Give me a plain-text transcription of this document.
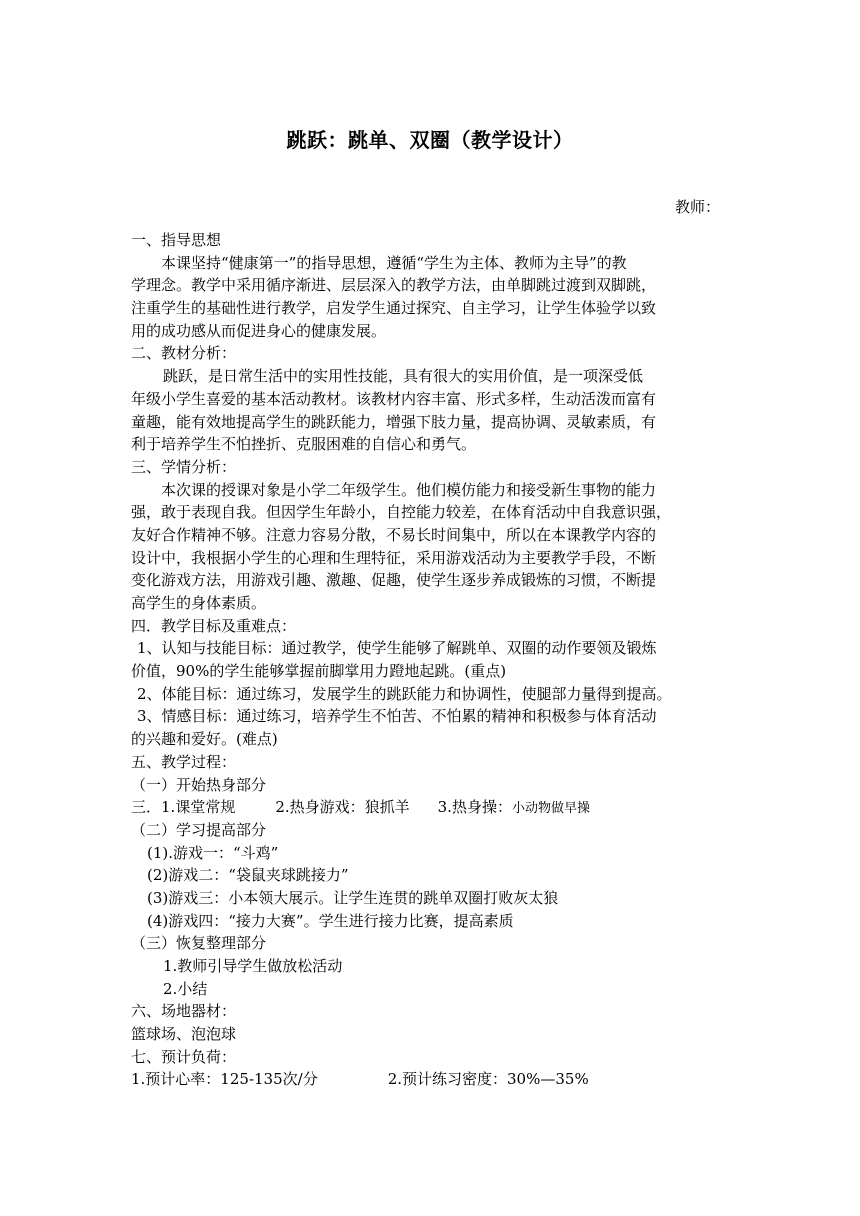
跳跃：跳单、双圈（教学设计）
教师：
一、指导思想
本课坚持“健康第一”的指导思想，遵循“学生为主体、教师为主导”的教
学理念。教学中采用循序渐进、层层深入的教学方法，由单脚跳过渡到双脚跳，
注重学生的基础性进行教学，启发学生通过探究、自主学习，让学生体验学以致
用的成功感从而促进身心的健康发展。
二、教材分析：
跳跃，是日常生活中的实用性技能，具有很大的实用价值，是一项深受低
年级小学生喜爱的基本活动教材。该教材内容丰富、形式多样，生动活泼而富有
童趣，能有效地提高学生的跳跃能力，增强下肢力量，提高协调、灵敏素质，有
利于培养学生不怕挫折、克服困难的自信心和勇气。
三、学情分析：
本次课的授课对象是小学二年级学生。他们模仿能力和接受新生事物的能力
强，敢于表现自我。但因学生年龄小，自控能力较差，在体育活动中自我意识强，
友好合作精神不够。注意力容易分散，不易长时间集中，所以在本课教学内容的
设计中，我根据小学生的心理和生理特征，采用游戏活动为主要教学手段，不断
变化游戏方法，用游戏引趣、激趣、促趣，使学生逐步养成锻炼的习惯，不断提
高学生的身体素质。
四．教学目标及重难点：
1、认知与技能目标：通过教学，使学生能够了解跳单、双圈的动作要领及锻炼
价值，90%的学生能够掌握前脚掌用力蹬地起跳。(重点)
2、体能目标：通过练习，发展学生的跳跃能力和协调性，使腿部力量得到提高。
3、情感目标：通过练习，培养学生不怕苦、不怕累的精神和积极参与体育活动
的兴趣和爱好。(难点)
五、教学过程：
（一）开始热身部分
三．1.课堂常规	2.热身游戏：狼抓羊 3.热身操：小动物做早操
（二）学习提高部分
(1).游戏一：“斗鸡”
(2)游戏二：“袋鼠夹球跳接力”
(3)游戏三：小本领大展示。让学生连贯的跳单双圈打败灰太狼
(4)游戏四：“接力大赛”。学生进行接力比赛，提高素质
（三）恢复整理部分
1.教师引导学生做放松活动
2.小结
六、场地器材：
篮球场、泡泡球
七、预计负荷：
1.预计心率：125-135次/分	2.预计练习密度：30%—35%
